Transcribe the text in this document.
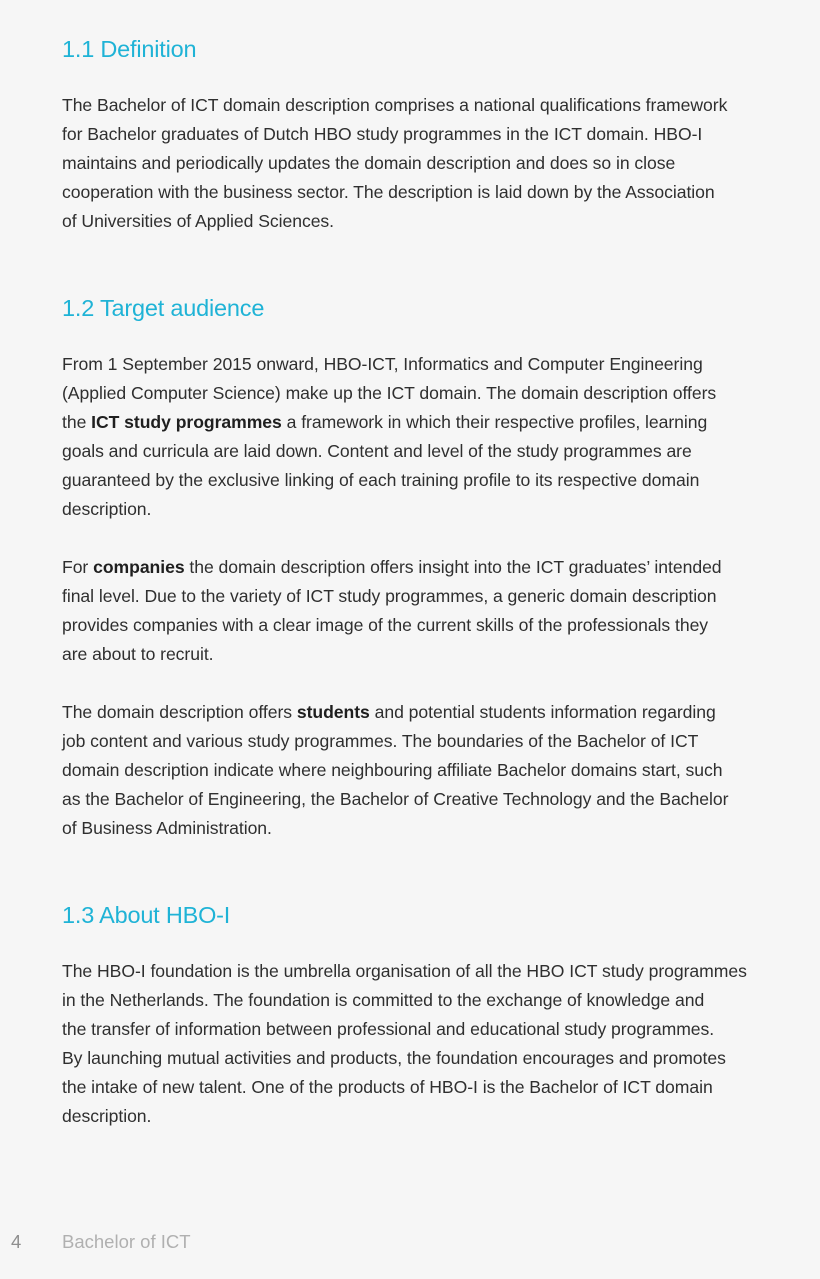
1.1 Definition

The Bachelor of ICT domain description comprises a national qualifications framework
for Bachelor graduates of Dutch HBO study programmes in the ICT domain. HBO-I
maintains and periodically updates the domain description and does so in close
cooperation with the business sector. The description is laid down by the Association
of Universities of Applied Sciences.

1.2 Target audience

From 1 September 2015 onward, HBO-ICT, Informatics and Computer Engineering
(Applied Computer Science) make up the ICT domain. The domain description offers
the ICT study programmes a framework in which their respective profiles, learning
goals and curricula are laid down. Content and level of the study programmes are
guaranteed by the exclusive linking of each training profile to its respective domain
description.

For companies the domain description offers insight into the ICT graduates’ intended
final level. Due to the variety of ICT study programmes, a generic domain description
provides companies with a clear image of the current skills of the professionals they
are about to recruit.

The domain description offers students and potential students information regarding
job content and various study programmes. The boundaries of the Bachelor of ICT
domain description indicate where neighbouring affiliate Bachelor domains start, such
as the Bachelor of Engineering, the Bachelor of Creative Technology and the Bachelor
of Business Administration.

1.3 About HBO-I

The HBO-I foundation is the umbrella organisation of all the HBO ICT study programmes
in the Netherlands. The foundation is committed to the exchange of knowledge and
the transfer of information between professional and educational study programmes.
By launching mutual activities and products, the foundation encourages and promotes
the intake of new talent. One of the products of HBO-I is the Bachelor of ICT domain
description.

4 Bachelor of ICT
